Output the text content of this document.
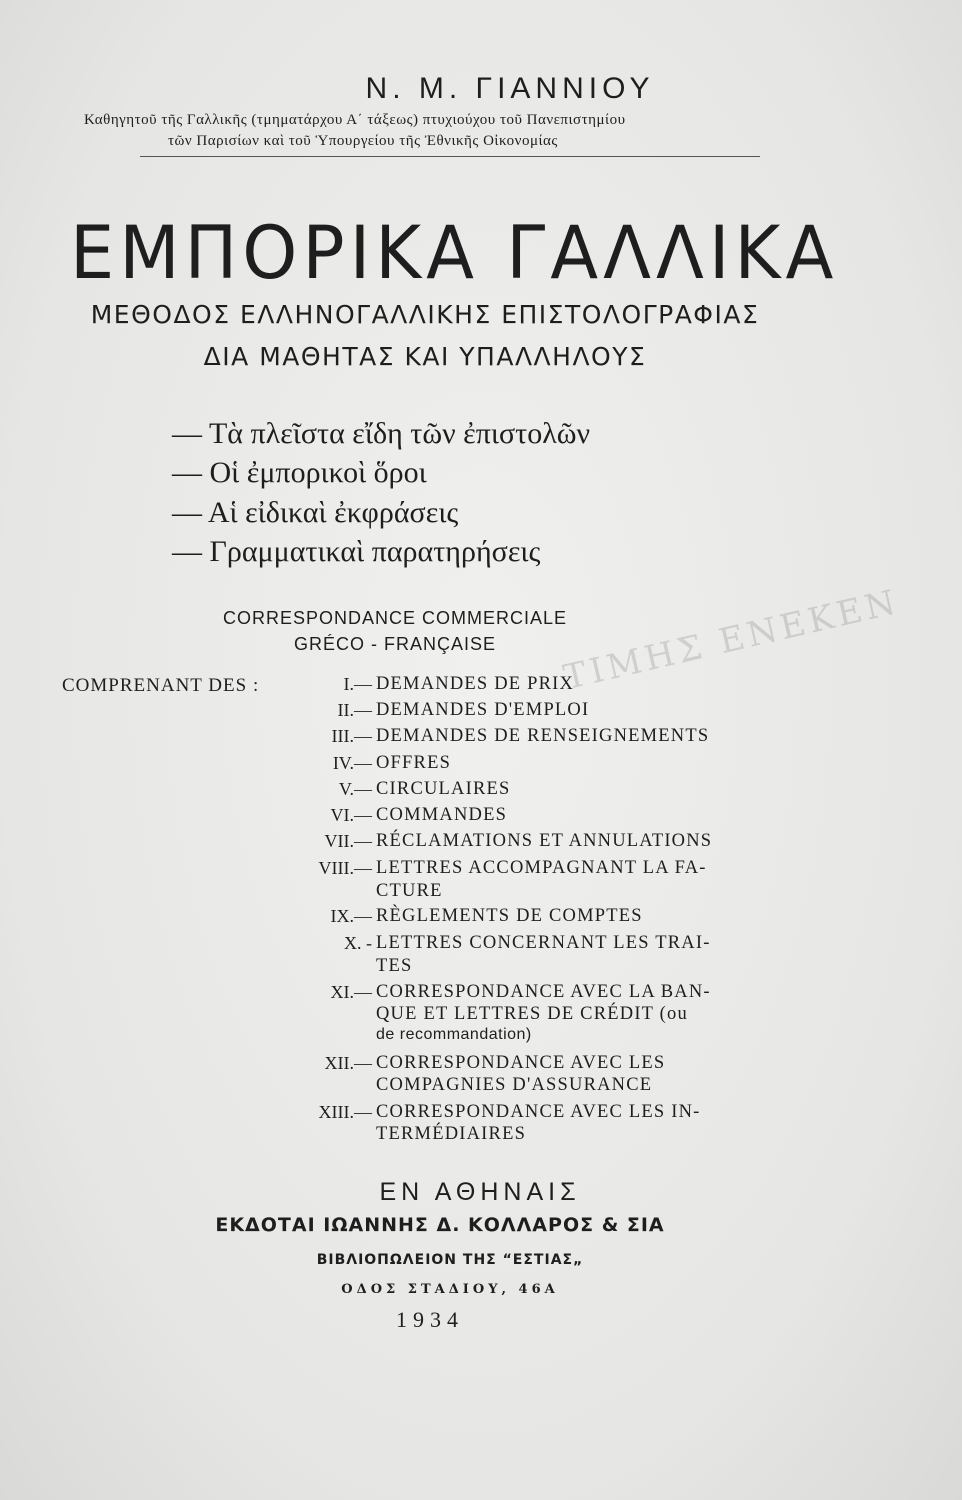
Ν. Μ. ΓΙΑΝΝΙΟΥ
Καθηγητοῦ τῆς Γαλλικῆς (τμηματάρχου Α΄ τάξεως) πτυχιούχου τοῦ Πανεπιστημίου
τῶν Παρισίων καὶ τοῦ Ὑπουργείου τῆς Ἐθνικῆς Οἰκονομίας
ΕΜΠΟΡΙΚΑ ΓΑΛΛΙΚΑ
ΜΕΘΟΔΟΣ ΕΛΛΗΝΟΓΑΛΛΙΚΗΣ ΕΠΙΣΤΟΛΟΓΡΑΦΙΑΣ
ΔΙΑ ΜΑΘΗΤΑΣ ΚΑΙ ΥΠΑΛΛΗΛΟΥΣ
— Τὰ πλεῖστα εἴδη τῶν ἐπιστολῶν
— Οἱ ἐμπορικοὶ ὅροι
— Αἱ εἰδικαὶ ἐκφράσεις
— Γραμματικαὶ παρατηρήσεις
CORRESPONDANCE COMMERCIALE
GRÉCO - FRANÇAISE	ΤΙΜΗΣ ΕΝΕΚΕΝ
COMPRENANT DES :	I.— DEMANDES DE PRIX
II.— DEMANDES D'EMPLOI
III.— DEMANDES DE RENSEIGNEMENTS
IV.— OFFRES
V.— CIRCULAIRES
VI.— COMMANDES
VII.— RÉCLAMATIONS ET ANNULATIONS
VIII.— LETTRES ACCOMPAGNANT LA FA-
CTURE
IX.— RÈGLEMENTS DE COMPTES
X. - LETTRES CONCERNANT LES TRAI-
TES
XI.— CORRESPONDANCE AVEC LA BAN-
QUE ET LETTRES DE CRÉDIT (ou
de recommandation)
XII.— CORRESPONDANCE AVEC LES
COMPAGNIES D'ASSURANCE
XIII.— CORRESPONDANCE AVEC LES IN-
TERMÉDIAIRES
ΕΝ ΑΘΗΝΑΙΣ
ΕΚΔΟΤΑΙ ΙΩΑΝΝΗΣ Δ. ΚΟΛΛΑΡΟΣ & ΣΙΑ
ΒΙΒΛΙΟΠΩΛΕΙΟΝ ΤΗΣ “ΕΣΤΙΑΣ„
ΟΔΟΣ ΣΤΑΔΙΟΥ, 46Α
1934
